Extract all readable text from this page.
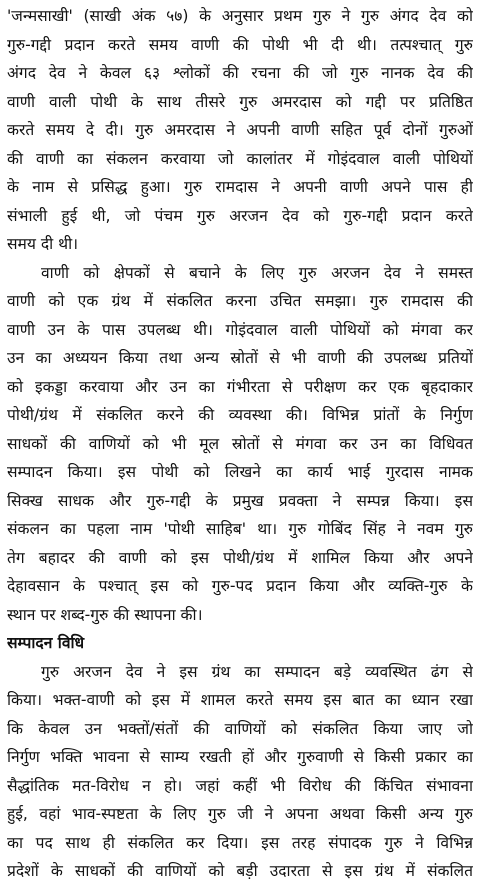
'जन्मसाखी' (साखी अंक ५७) के अनुसार प्रथम गुरु ने गुरु अंगद देव को
गुरु-गद्दी प्रदान करते समय वाणी की पोथी भी दी थी। तत्पश्चात् गुरु
अंगद देव ने केवल ६३ श्लोकों की रचना की जो गुरु नानक देव की
वाणी वाली पोथी के साथ तीसरे गुरु अमरदास को गद्दी पर प्रतिष्ठित
करते समय दे दी। गुरु अमरदास ने अपनी वाणी सहित पूर्व दोनों गुरुओं
की वाणी का संकलन करवाया जो कालांतर में गोइंदवाल वाली पोथियों
के नाम से प्रसिद्ध हुआ। गुरु रामदास ने अपनी वाणी अपने पास ही
संभाली हुई थी, जो पंचम गुरु अरजन देव को गुरु-गद्दी प्रदान करते
समय दी थी।
वाणी को क्षेपकों से बचाने के लिए गुरु अरजन देव ने समस्त
वाणी को एक ग्रंथ में संकलित करना उचित समझा। गुरु रामदास की
वाणी उन के पास उपलब्ध थी। गोइंदवाल वाली पोथियों को मंगवा कर
उन का अध्ययन किया तथा अन्य स्रोतों से भी वाणी की उपलब्ध प्रतियों
को इकड्डा करवाया और उन का गंभीरता से परीक्षण कर एक बृहदाकार
पोथी/ग्रंथ में संकलित करने की व्यवस्था की। विभिन्न प्रांतों के निर्गुण
साधकों की वाणियों को भी मूल स्रोतों से मंगवा कर उन का विधिवत
सम्पादन किया। इस पोथी को लिखने का कार्य भाई गुरदास नामक
सिक्ख साधक और गुरु-गद्दी के प्रमुख प्रवक्ता ने सम्पन्न किया। इस
संकलन का पहला नाम 'पोथी साहिब' था। गुरु गोबिंद सिंह ने नवम गुरु
तेग बहादर की वाणी को इस पोथी/ग्रंथ में शामिल किया और अपने
देहावसान के पश्चात् इस को गुरु-पद प्रदान किया और व्यक्ति-गुरु के
स्थान पर शब्द-गुरु की स्थापना की।
सम्पादन विधि
गुरु अरजन देव ने इस ग्रंथ का सम्पादन बड़े व्यवस्थित ढंग से
किया। भक्त-वाणी को इस में शामल करते समय इस बात का ध्यान रखा
कि केवल उन भक्तों/संतों की वाणियों को संकलित किया जाए जो
निर्गुण भक्ति भावना से साम्य रखती हों और गुरुवाणी से किसी प्रकार का
सैद्धांतिक मत-विरोध न हो। जहां कहीं भी विरोध की किंचित संभावना
हुई, वहां भाव-स्पष्टता के लिए गुरु जी ने अपना अथवा किसी अन्य गुरु
का पद साथ ही संकलित कर दिया। इस तरह संपादक गुरु ने विभिन्न
प्रदेशों के साधकों की वाणियों को बड़ी उदारता से इस ग्रंथ में संकलित
